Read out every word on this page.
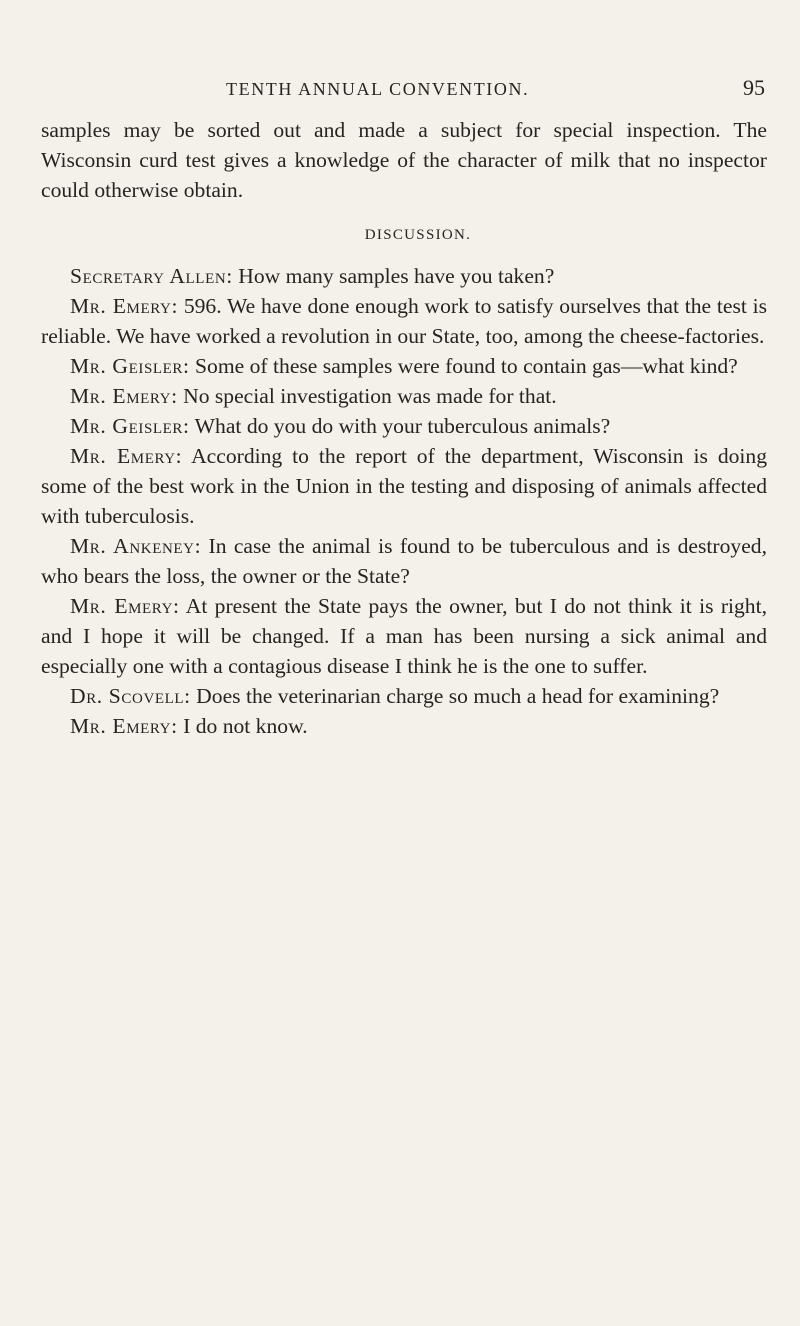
TENTH ANNUAL CONVENTION.	95

samples may be sorted out and made a subject for special inspection. The Wisconsin curd test gives a knowledge of the character of milk that no inspector could otherwise obtain.

DISCUSSION.

Secretary Allen: How many samples have you taken?

Mr. Emery: 596. We have done enough work to satisfy ourselves that the test is reliable. We have worked a revolution in our State, too, among the cheese-factories.

Mr. Geisler: Some of these samples were found to contain gas—what kind?

Mr. Emery: No special investigation was made for that.

Mr. Geisler: What do you do with your tuberculous animals?

Mr. Emery: According to the report of the department, Wisconsin is doing some of the best work in the Union in the testing and disposing of animals affected with tuberculosis.

Mr. Ankeney: In case the animal is found to be tuberculous and is destroyed, who bears the loss, the owner or the State?

Mr. Emery: At present the State pays the owner, but I do not think it is right, and I hope it will be changed. If a man has been nursing a sick animal and especially one with a contagious disease I think he is the one to suffer.

Dr. Scovell: Does the veterinarian charge so much a head for examining?

Mr. Emery: I do not know.
